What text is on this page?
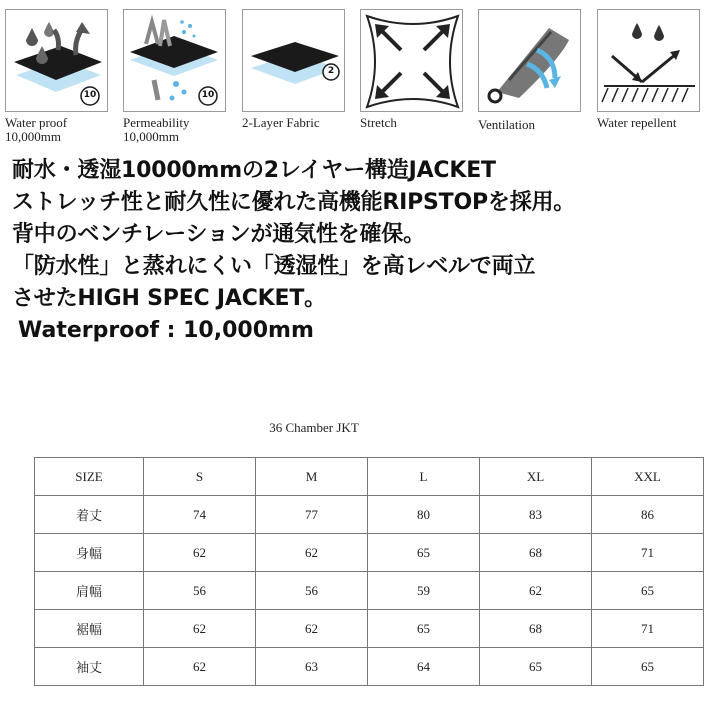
10
Water proof
10,000mm
10
Permeability
10,000mm
2
2-Layer Fabric	Stretch	Ventilation	Water repellent
耐水・透湿10000mmの2レイヤー構造JACKET
ストレッチ性と耐久性に優れた高機能RIPSTOPを採用。
背中のベンチレーションが通気性を確保。
「防水性」と蒸れにくい「透湿性」を高レベルで両立
させたHIGH SPEC JACKET。
Waterproof : 10,000mm
36 Chamber JKT
SIZE	S	M	L	XL	XXL
着丈	74	77	80	83	86
身幅	62	62	65	68	71
肩幅	56	56	59	62	65
裾幅	62	62	65	68	71
袖丈	62	63	64	65	65
